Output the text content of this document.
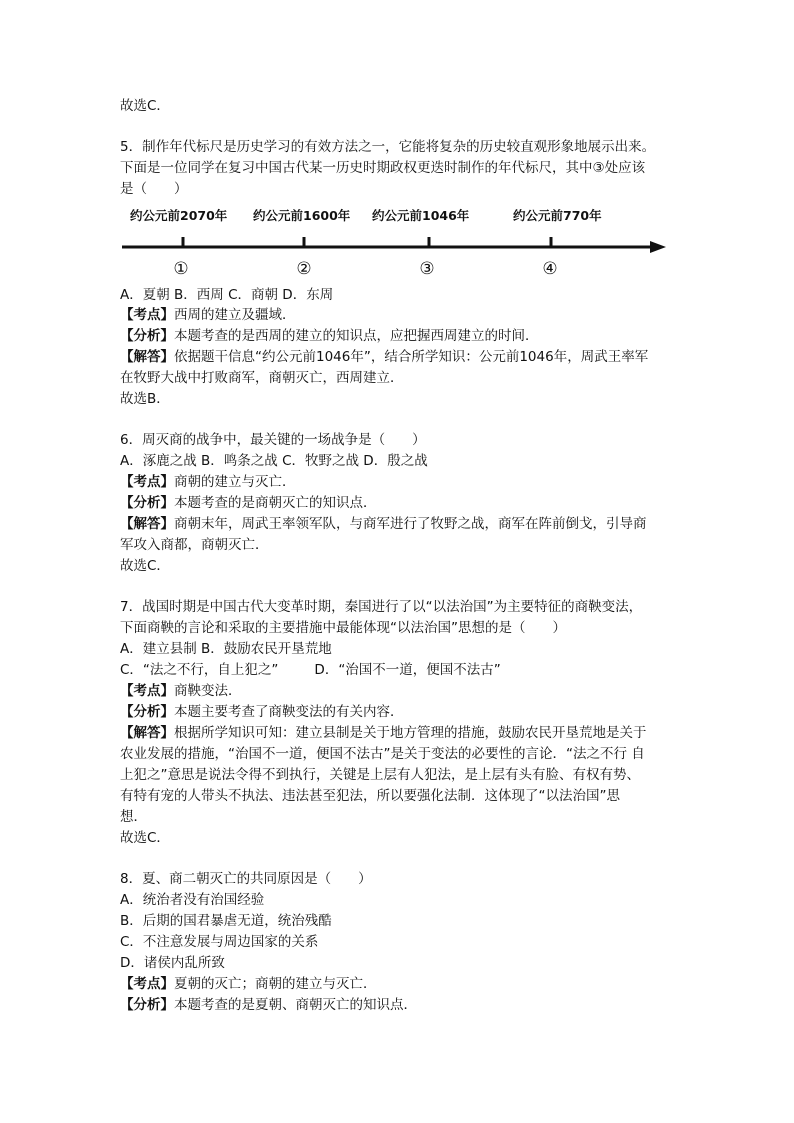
故选C．
5．制作年代标尺是历史学习的有效方法之一，它能将复杂的历史较直观形象地展示出来。
下面是一位同学在复习中国古代某一历史时期政权更迭时制作的年代标尺，其中③处应该
是（　　）
A．夏朝 B．西周 C．商朝 D．东周
【考点】西周的建立及疆域．
【分析】本题考查的是西周的建立的知识点，应把握西周建立的时间．
【解答】依据题干信息“约公元前1046年”，结合所学知识：公元前1046年，周武王率军
在牧野大战中打败商军，商朝灭亡，西周建立．
故选B．
6．周灭商的战争中，最关键的一场战争是（　　）
A．涿鹿之战 B．鸣条之战 C．牧野之战 D．殷之战
【考点】商朝的建立与灭亡．
【分析】本题考查的是商朝灭亡的知识点．
【解答】商朝末年，周武王率领军队，与商军进行了牧野之战，商军在阵前倒戈，引导商
军攻入商都，商朝灭亡．
故选C．
7．战国时期是中国古代大变革时期，秦国进行了以“以法治国”为主要特征的商鞅变法，
下面商鞅的言论和采取的主要措施中最能体现“以法治国”思想的是（　　）
A．建立县制 B．鼓励农民开垦荒地
C．“法之不行，自上犯之”	D．“治国不一道，便国不法古”
【考点】商鞅变法．
【分析】本题主要考查了商鞅变法的有关内容．
【解答】根据所学知识可知：建立县制是关于地方管理的措施，鼓励农民开垦荒地是关于
农业发展的措施，“治国不一道，便国不法古”是关于变法的必要性的言论．“法之不行 自
上犯之”意思是说法令得不到执行，关键是上层有人犯法，是上层有头有脸、有权有势、
有特有宠的人带头不执法、违法甚至犯法，所以要强化法制．这体现了“以法治国”思
想．
故选C．
8．夏、商二朝灭亡的共同原因是（　　）
A．统治者没有治国经验
B．后期的国君暴虐无道，统治残酷
C．不注意发展与周边国家的关系
D．诸侯内乱所致
【考点】夏朝的灭亡；商朝的建立与灭亡．
【分析】本题考查的是夏朝、商朝灭亡的知识点．
约公元前2070年 约公元前1600年 约公元前1046年	约公元前770年
①	②	③	④
